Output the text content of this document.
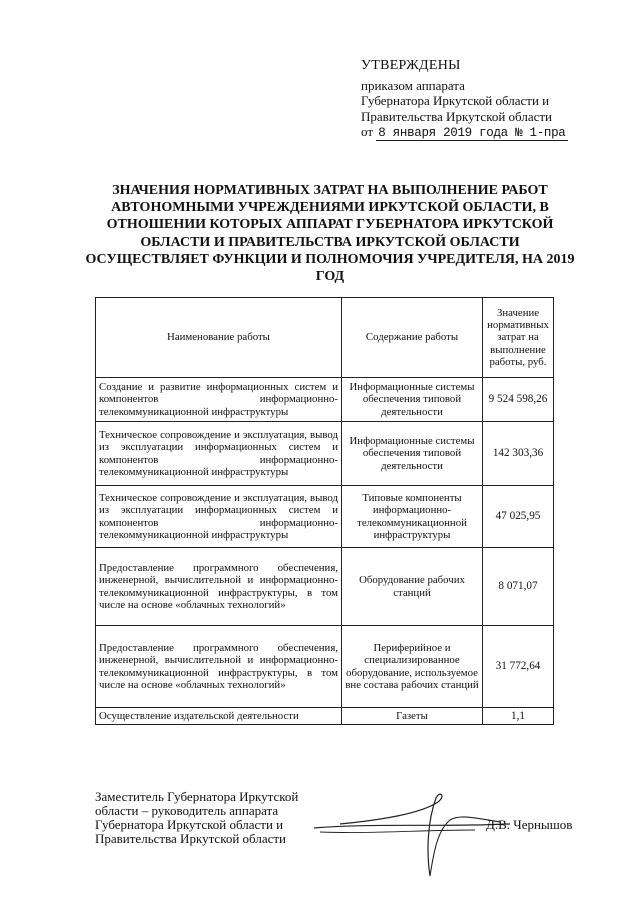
УТВЕРЖДЕНЫ
приказом аппарата
Губернатора Иркутской области и
Правительства Иркутской области
от 8 января 2019 года № 1-пра
ЗНАЧЕНИЯ НОРМАТИВНЫХ ЗАТРАТ НА ВЫПОЛНЕНИЕ РАБОТ АВТОНОМНЫМИ УЧРЕЖДЕНИЯМИ ИРКУТСКОЙ ОБЛАСТИ, В ОТНОШЕНИИ КОТОРЫХ АППАРАТ ГУБЕРНАТОРА ИРКУТСКОЙ ОБЛАСТИ И ПРАВИТЕЛЬСТВА ИРКУТСКОЙ ОБЛАСТИ ОСУЩЕСТВЛЯЕТ ФУНКЦИИ И ПОЛНОМОЧИЯ УЧРЕДИТЕЛЯ, НА 2019 ГОД
Наименование работы	Содержание работы	Значение нормативных затрат на выполнение работы, руб.
Создание и развитие информационных систем и компонентов информационно-телекоммуникационной инфраструктуры	Информационные системы обеспечения типовой деятельности	9 524 598,26
Техническое сопровождение и эксплуатация, вывод из эксплуатации информационных систем и компонентов информационно-телекоммуникационной инфраструктуры	Информационные системы обеспечения типовой деятельности	142 303,36
Техническое сопровождение и эксплуатация, вывод из эксплуатации информационных систем и компонентов информационно-телекоммуникационной инфраструктуры	Типовые компоненты информационно-телекоммуникационной инфраструктуры	47 025,95
Предоставление программного обеспечения, инженерной, вычислительной и информационно-телекоммуникационной инфраструктуры, в том числе на основе «облачных технологий»	Оборудование рабочих станций	8 071,07
Предоставление программного обеспечения, инженерной, вычислительной и информационно-телекоммуникационной инфраструктуры, в том числе на основе «облачных технологий»	Периферийное и специализированное оборудование, используемое вне состава рабочих станций	31 772,64
Осуществление издательской деятельности	Газеты	1,1
Заместитель Губернатора Иркутской
области – руководитель аппарата
Губернатора Иркутской области и
Правительства Иркутской области
Д.В. Чернышов
